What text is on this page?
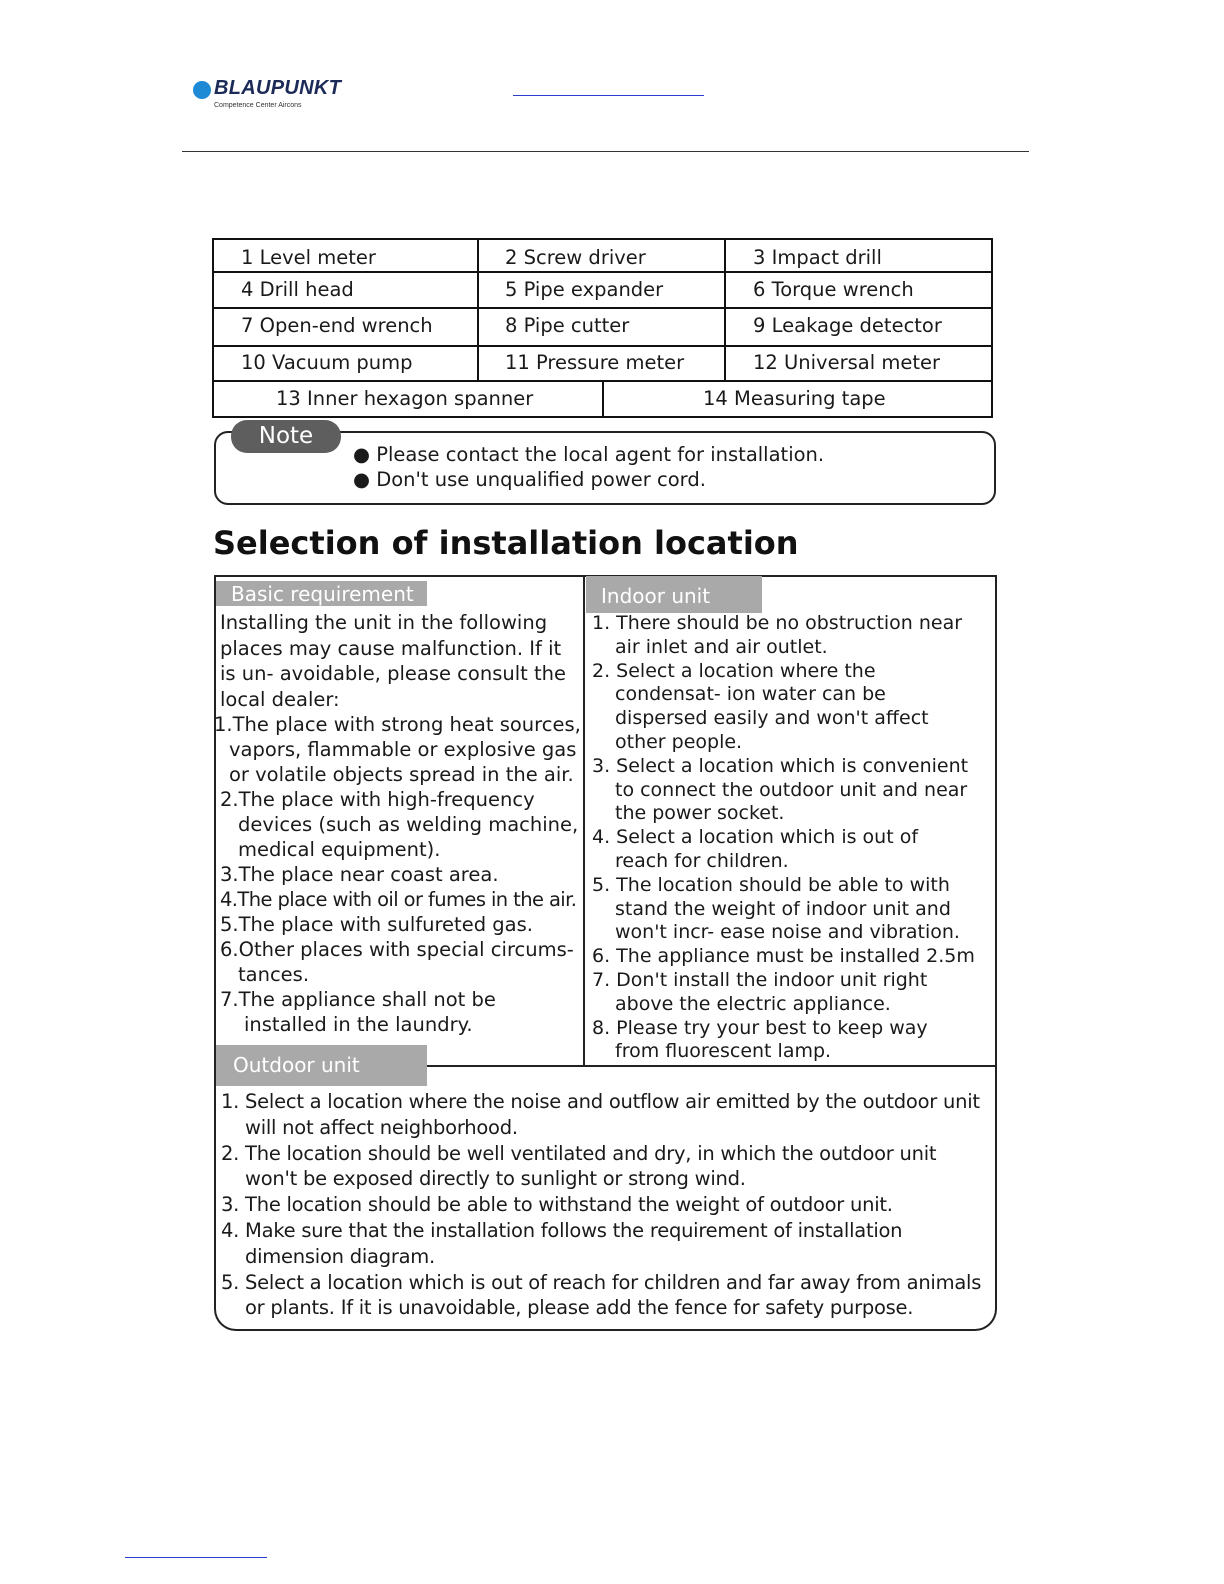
BLAUPUNKT
Competence Center Aircons
1 Level meter	2 Screw driver	3 Impact drill
4 Drill head	5 Pipe expander	6 Torque wrench
7 Open-end wrench	8 Pipe cutter	9 Leakage detector
10 Vacuum pump	11 Pressure meter	12 Universal meter
13 Inner hexagon spanner	14 Measuring tape
Note
● Please contact the local agent for installation.
● Don't use unqualified power cord.
Selection of installation location
Basic requirement
Installing the unit in the following
places may cause malfunction. If it
is un- avoidable, please consult the
local dealer:
1.The place with strong heat sources,
vapors, flammable or explosive gas
or volatile objects spread in the air.
2.The place with high-frequency
devices (such as welding machine,
medical equipment).
3.The place near coast area.
4.The place with oil or fumes in the air.
5.The place with sulfureted gas.
6.Other places with special circums-
tances.
7.The appliance shall not be
installed in the laundry.
Indoor unit
1. There should be no obstruction near
air inlet and air outlet.
2. Select a location where the
condensat- ion water can be
dispersed easily and won't affect
other people.
3. Select a location which is convenient
to connect the outdoor unit and near
the power socket.
4. Select a location which is out of
reach for children.
5. The location should be able to with
stand the weight of indoor unit and
won't incr- ease noise and vibration.
6. The appliance must be installed 2.5m
7. Don't install the indoor unit right
above the electric appliance.
8. Please try your best to keep way
from fluorescent lamp.
Outdoor unit
1. Select a location where the noise and outflow air emitted by the outdoor unit
will not affect neighborhood.
2. The location should be well ventilated and dry, in which the outdoor unit
won't be exposed directly to sunlight or strong wind.
3. The location should be able to withstand the weight of outdoor unit.
4. Make sure that the installation follows the requirement of installation
dimension diagram.
5. Select a location which is out of reach for children and far away from animals
or plants. If it is unavoidable, please add the fence for safety purpose.
